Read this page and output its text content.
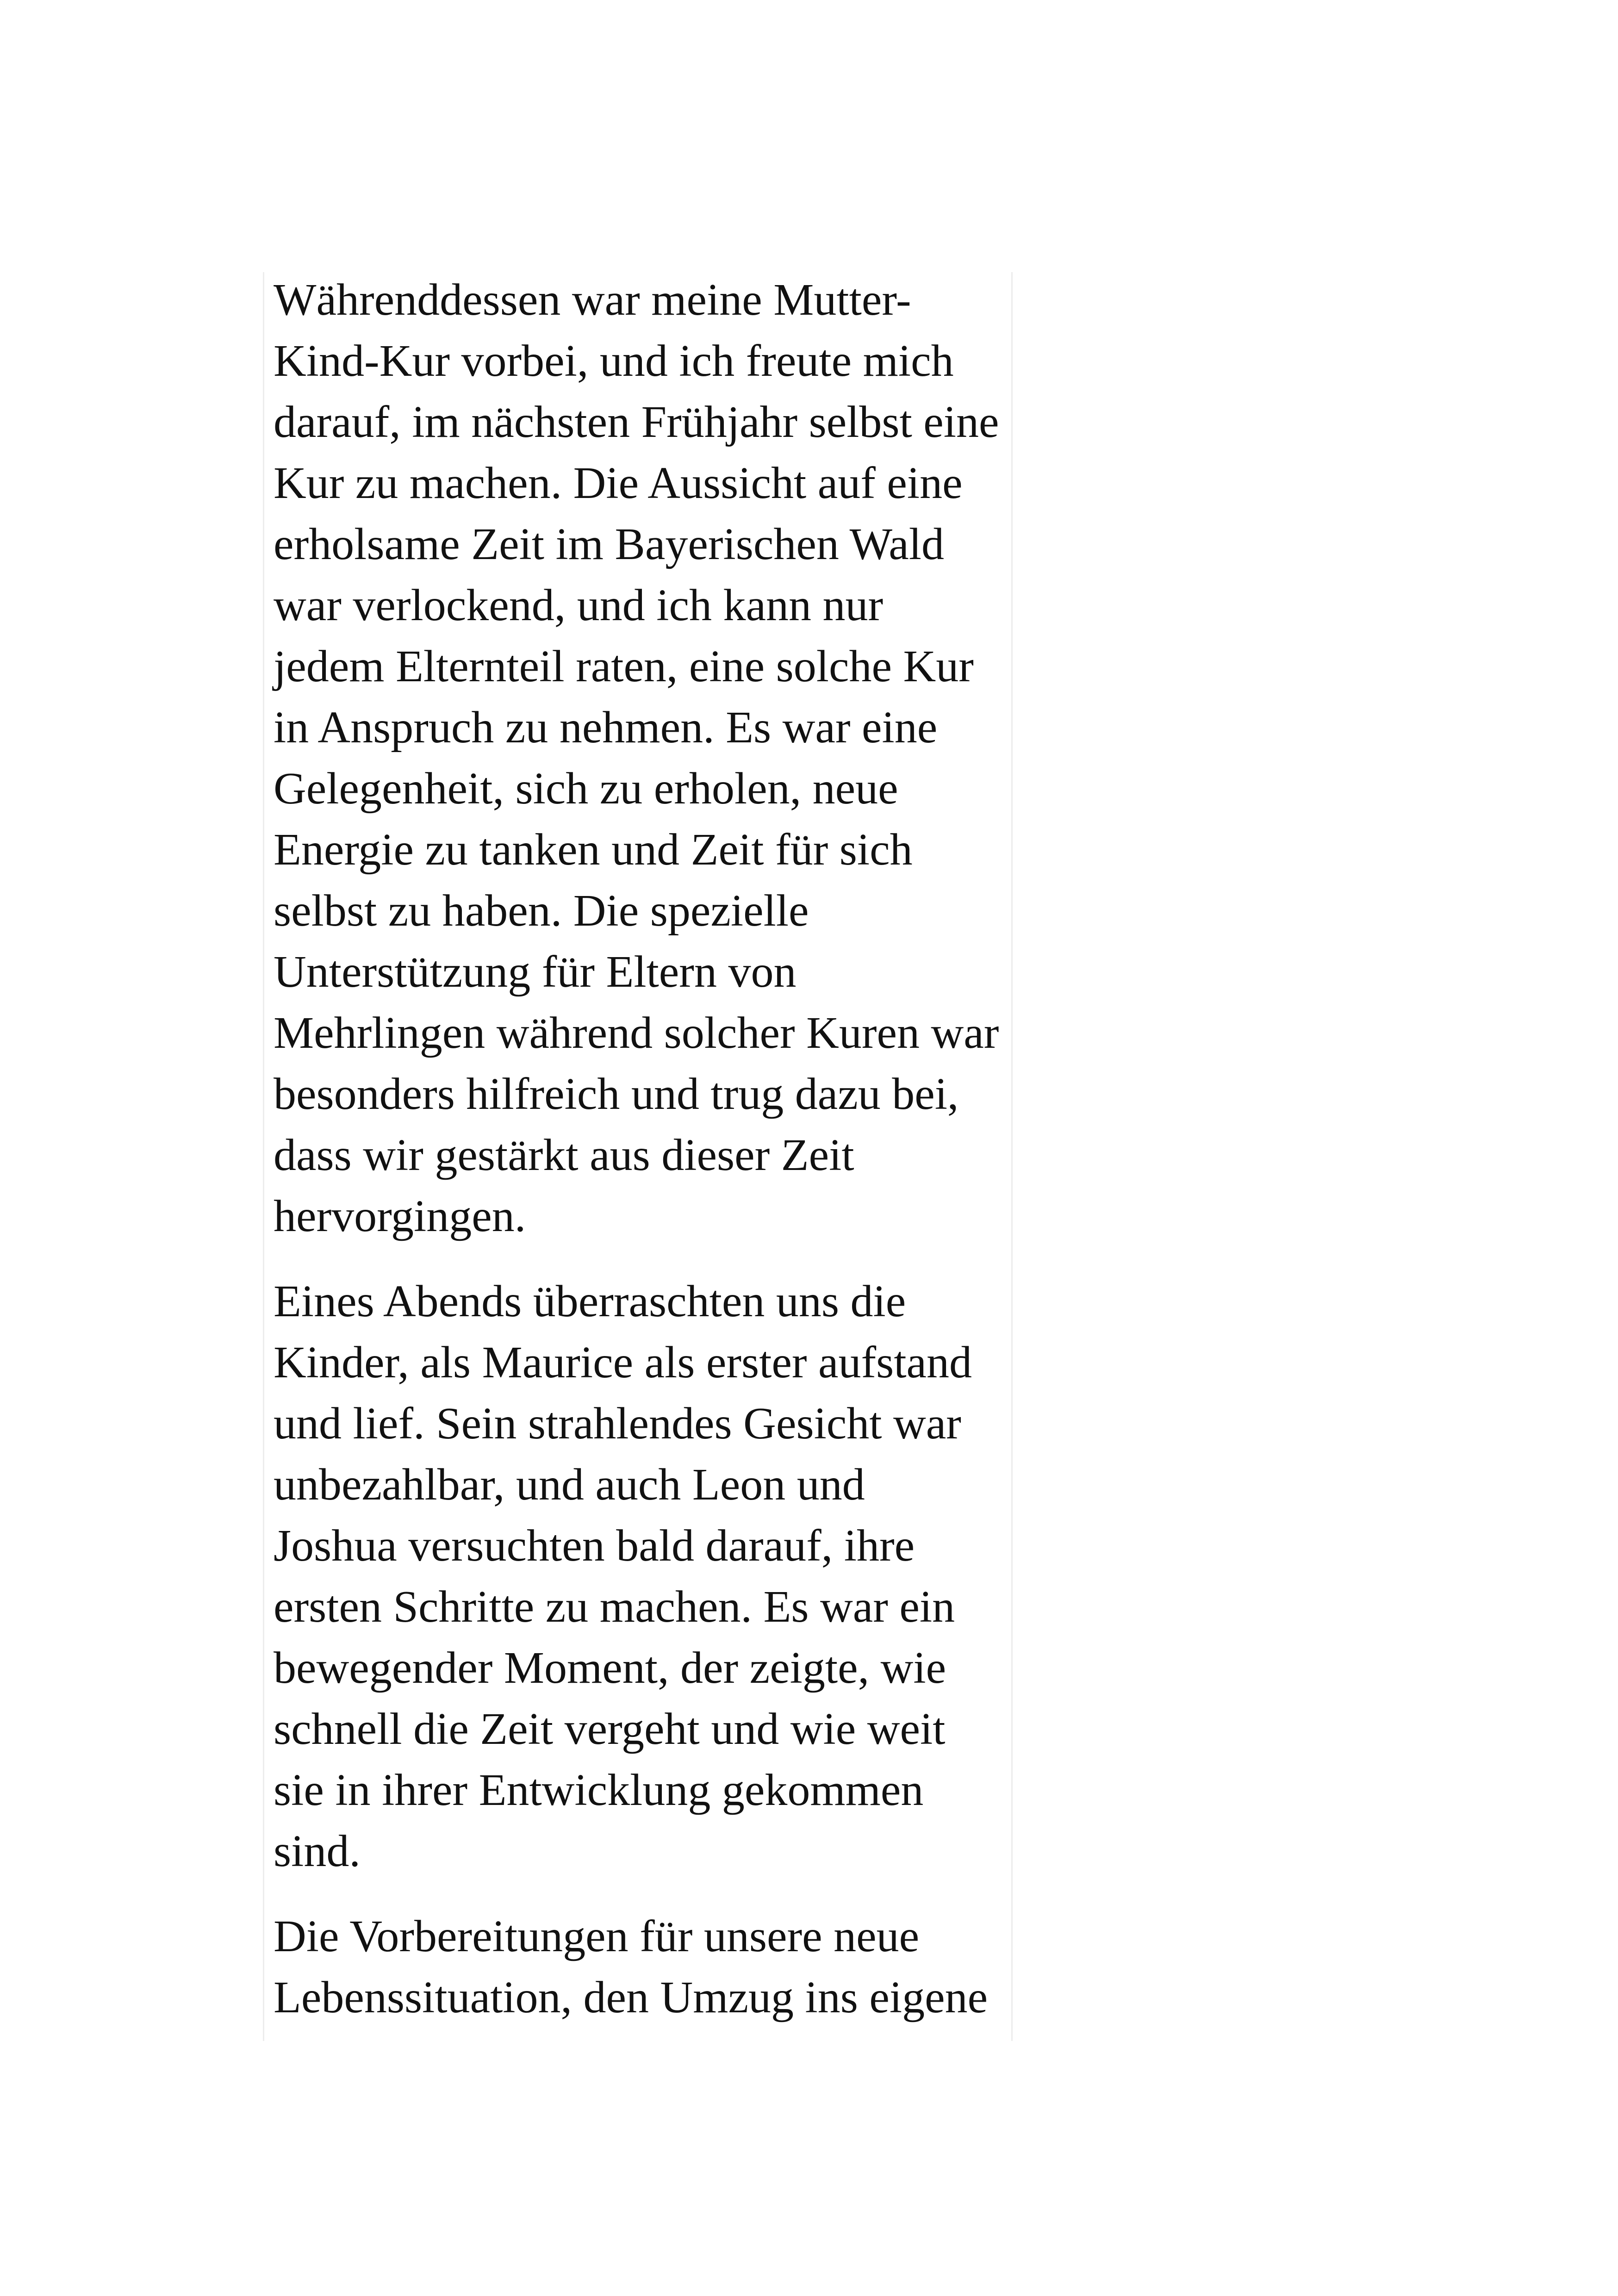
Währenddessen war meine Mutter-
Kind-Kur vorbei, und ich freute mich
darauf, im nächsten Frühjahr selbst eine
Kur zu machen. Die Aussicht auf eine
erholsame Zeit im Bayerischen Wald
war verlockend, und ich kann nur
jedem Elternteil raten, eine solche Kur
in Anspruch zu nehmen. Es war eine
Gelegenheit, sich zu erholen, neue
Energie zu tanken und Zeit für sich
selbst zu haben. Die spezielle
Unterstützung für Eltern von
Mehrlingen während solcher Kuren war
besonders hilfreich und trug dazu bei,
dass wir gestärkt aus dieser Zeit
hervorgingen.
Eines Abends überraschten uns die
Kinder, als Maurice als erster aufstand
und lief. Sein strahlendes Gesicht war
unbezahlbar, und auch Leon und
Joshua versuchten bald darauf, ihre
ersten Schritte zu machen. Es war ein
bewegender Moment, der zeigte, wie
schnell die Zeit vergeht und wie weit
sie in ihrer Entwicklung gekommen
sind.
Die Vorbereitungen für unsere neue
Lebenssituation, den Umzug ins eigene
